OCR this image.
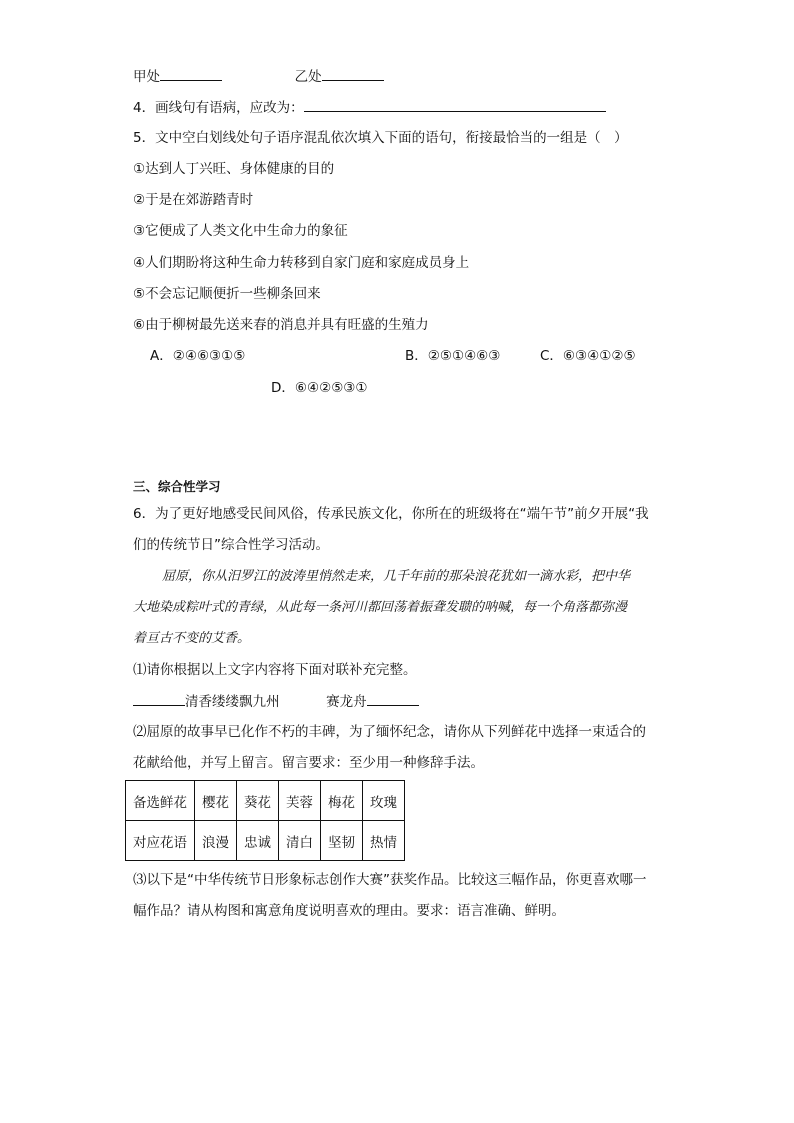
甲处	乙处
4．画线句有语病，应改为：
5．文中空白划线处句子语序混乱依次填入下面的语句，衔接最恰当的一组是（　）
①达到人丁兴旺、身体健康的目的
②于是在郊游踏青时
③它便成了人类文化中生命力的象征
④人们期盼将这种生命力转移到自家门庭和家庭成员身上
⑤不会忘记顺便折一些柳条回来
⑥由于柳树最先送来春的消息并具有旺盛的生殖力
A．②④⑥③①⑤	B．②⑤①④⑥③	C．⑥③④①②⑤
D．⑥④②⑤③①
三、综合性学习
6．为了更好地感受民间风俗，传承民族文化，你所在的班级将在“端午节”前夕开展“我
们的传统节日”综合性学习活动。
屈原，你从汨罗江的波涛里悄然走来，几千年前的那朵浪花犹如一滴水彩，把中华
大地染成粽叶式的青绿，从此每一条河川都回荡着振聋发聩的呐喊，每一个角落都弥漫
着亘古不变的艾香。
⑴请你根据以上文字内容将下面对联补充完整。
清香缕缕飘九州	赛龙舟
⑵屈原的故事早已化作不朽的丰碑，为了缅怀纪念，请你从下列鲜花中选择一束适合的
花献给他，并写上留言。留言要求：至少用一种修辞手法。
备选鲜花	樱花	葵花	芙蓉	梅花	玫瑰
对应花语	浪漫	忠诚	清白	坚韧	热情
⑶以下是“中华传统节日形象标志创作大赛”获奖作品。比较这三幅作品，你更喜欢哪一
幅作品？请从构图和寓意角度说明喜欢的理由。要求：语言准确、鲜明。
